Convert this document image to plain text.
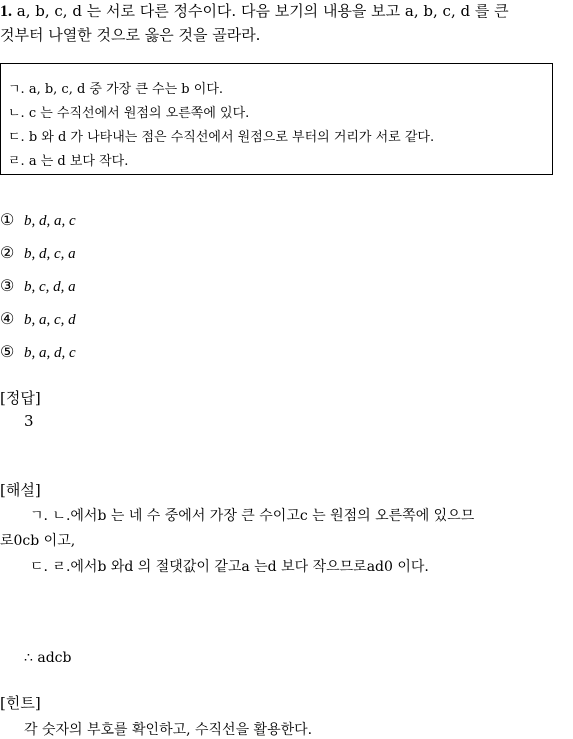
1. a, b, c, d 는 서로 다른 정수이다. 다음 보기의 내용을 보고 a, b, c, d 를 큰
것부터 나열한 것으로 옳은 것을 골라라.
ㄱ. a, b, c, d 중 가장 큰 수는 b 이다.
ㄴ. c 는 수직선에서 원점의 오른쪽에 있다.
ㄷ. b 와 d 가 나타내는 점은 수직선에서 원점으로 부터의 거리가 서로 같다.
ㄹ. a 는 d 보다 작다.
① b, d, a, c
② b, d, c, a
③ b, c, d, a
④ b, a, c, d
⑤ b, a, d, c
[정답]
3
[해설]
ㄱ. ㄴ.에서b 는 네 수 중에서 가장 큰 수이고c 는 원점의 오른쪽에 있으므
로0cb 이고,
ㄷ. ㄹ.에서b 와d 의 절댓값이 같고a 는d 보다 작으므로ad0 이다.
∴ adcb
[힌트]
각 숫자의 부호를 확인하고, 수직선을 활용한다.
